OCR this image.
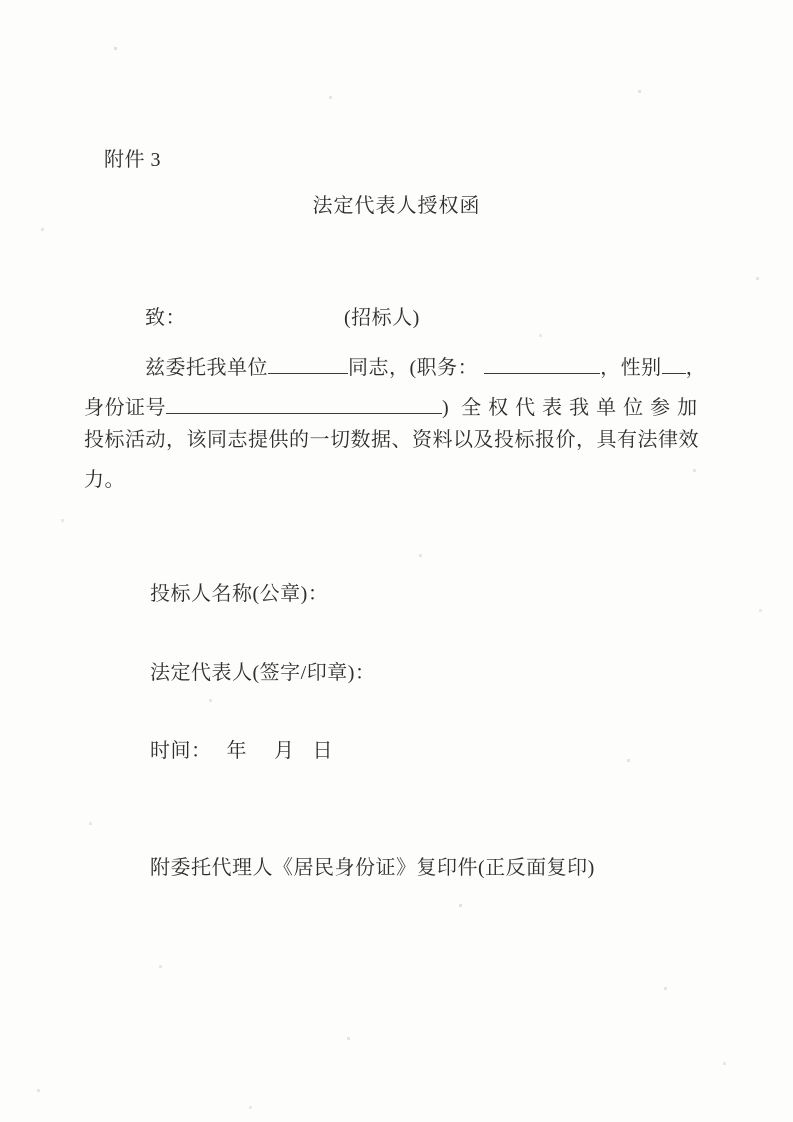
附件 3
法定代表人授权函
致：	(招标人)
兹委托我单位	同志，(职务：	，性别 ，
身份证号	) 全权代表我单位参加
投标活动，该同志提供的一切数据、资料以及投标报价，具有法律效
力。
投标人名称(公章)：
法定代表人(签字/印章)：
时间： 年 月 日
附委托代理人《居民身份证》复印件(正反面复印)
